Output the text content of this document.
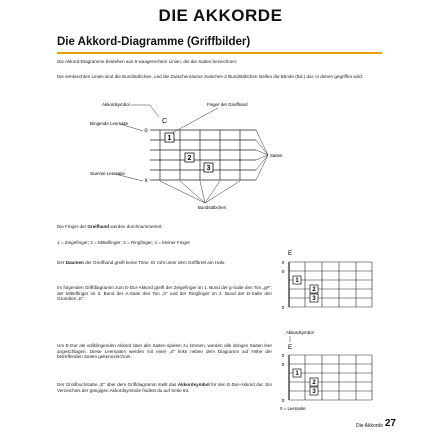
DIE AKKORDE
Die Akkord-Diagramme (Griffbilder)
Die Akkord-Diagramme bestehen aus 6 waagerechten Linien, die die Saiten bezeichnen:
Die senkrechten Linien sind die Bundstäbchen, und die Zwischenräume zwischen 2 Bundstäbchen stellen die Bünde (Bd.) dar, in denen gegriffen wird:
1
2
3
o
x
C
Akkordsymbol	Finger der Greifhand
klingende Leersaite
stumme Leersaite
Saiten
Bundstäbchen
Die Finger der Greifhand werden durchnummeriert:
1 = Zeigefinger; 2 = Mittelfinger; 3 = Ringfinger; 4 = kleiner Finger
Der Daumen der Greifhand greift keine Töne. Er ruht unter dem Griffbrett am Hals.
Im folgenden Griffdiagramm zum E-Dur-Akkord greift der Zeigefinger im 1. Bund der g-Saite den Ton „g#", der Mittelfinger im 2. Bund der A-Saite den Ton „h" und der Ringfinger im 2. Bund der D-Saite den Grundton „E".
Um E-Dur als vollklingenden Akkord über alle Saiten spielen zu können, werden alle übrigen Saiten leer angeschlagen. Diese Leersaiten werden mit einer „0" links neben dem Diagramm auf Höhe der betreffenden Saiten gekennzeichnet.
Der Großbuchstabe „E" über dem Griffdiagramm stellt das Akkordsymbol für den E-Dur-Akkord dar. Ein Verzeichnis der gängigen Akkordsymbole findest du auf Seite 63.
E
o
o
o
1
2
3
Akkordsymbol
E
o
o
o
1
2
3
0 = Leersaite
Die Akkorde 27
